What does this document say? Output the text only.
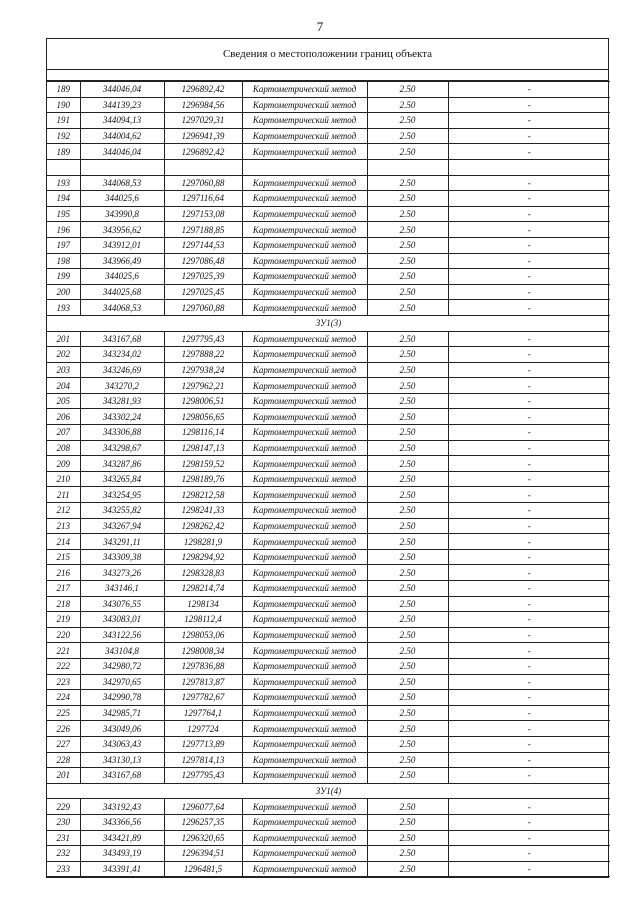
7
Сведения о местоположении границ объекта
189	344046,04	1296892,42	Картометрический метод	2.50	-
190	344139,23	1296984,56	Картометрический метод	2.50	-
191	344094,13	1297029,31	Картометрический метод	2.50	-
192	344004,62	1296941,39	Картометрический метод	2.50	-
189	344046,04	1296892,42	Картометрический метод	2.50	-

193	344068,53	1297060,88	Картометрический метод	2.50	-
194	344025,6	1297116,64	Картометрический метод	2.50	-
195	343990,8	1297153,08	Картометрический метод	2.50	-
196	343956,62	1297188,85	Картометрический метод	2.50	-
197	343912,01	1297144,53	Картометрический метод	2.50	-
198	343966,49	1297086,48	Картометрический метод	2.50	-
199	344025,6	1297025,39	Картометрический метод	2.50	-
200	344025,68	1297025,45	Картометрический метод	2.50	-
193	344068,53	1297060,88	Картометрический метод	2.50	-
ЗУ1(3)					
201	343167,68	1297795,43	Картометрический метод	2.50	-
202	343234,02	1297888,22	Картометрический метод	2.50	-
203	343246,69	1297938,24	Картометрический метод	2.50	-
204	343270,2	1297962,21	Картометрический метод	2.50	-
205	343281,93	1298006,51	Картометрический метод	2.50	-
206	343302,24	1298056,65	Картометрический метод	2.50	-
207	343306,88	1298116,14	Картометрический метод	2.50	-
208	343298,67	1298147,13	Картометрический метод	2.50	-
209	343287,86	1298159,52	Картометрический метод	2.50	-
210	343265,84	1298189,76	Картометрический метод	2.50	-
211	343254,95	1298212,58	Картометрический метод	2.50	-
212	343255,82	1298241,33	Картометрический метод	2.50	-
213	343267,94	1298262,42	Картометрический метод	2.50	-
214	343291,11	1298281,9	Картометрический метод	2.50	-
215	343309,38	1298294,92	Картометрический метод	2.50	-
216	343273,26	1298328,83	Картометрический метод	2.50	-
217	343146,1	1298214,74	Картометрический метод	2.50	-
218	343076,55	1298134	Картометрический метод	2.50	-
219	343083,01	1298112,4	Картометрический метод	2.50	-
220	343122,56	1298053,06	Картометрический метод	2.50	-
221	343104,8	1298008,34	Картометрический метод	2.50	-
222	342980,72	1297836,88	Картометрический метод	2.50	-
223	342970,65	1297813,87	Картометрический метод	2.50	-
224	342990,78	1297782,67	Картометрический метод	2.50	-
225	342985,71	1297764,1	Картометрический метод	2.50	-
226	343049,06	1297724	Картометрический метод	2.50	-
227	343063,43	1297713,89	Картометрический метод	2.50	-
228	343130,13	1297814,13	Картометрический метод	2.50	-
201	343167,68	1297795,43	Картометрический метод	2.50	-
ЗУ1(4)					
229	343192,43	1296077,64	Картометрический метод	2.50	-
230	343366,56	1296257,35	Картометрический метод	2.50	-
231	343421,89	1296320,65	Картометрический метод	2.50	-
232	343493,19	1296394,51	Картометрический метод	2.50	-
233	343391,41	1296481,5	Картометрический метод	2.50	-
